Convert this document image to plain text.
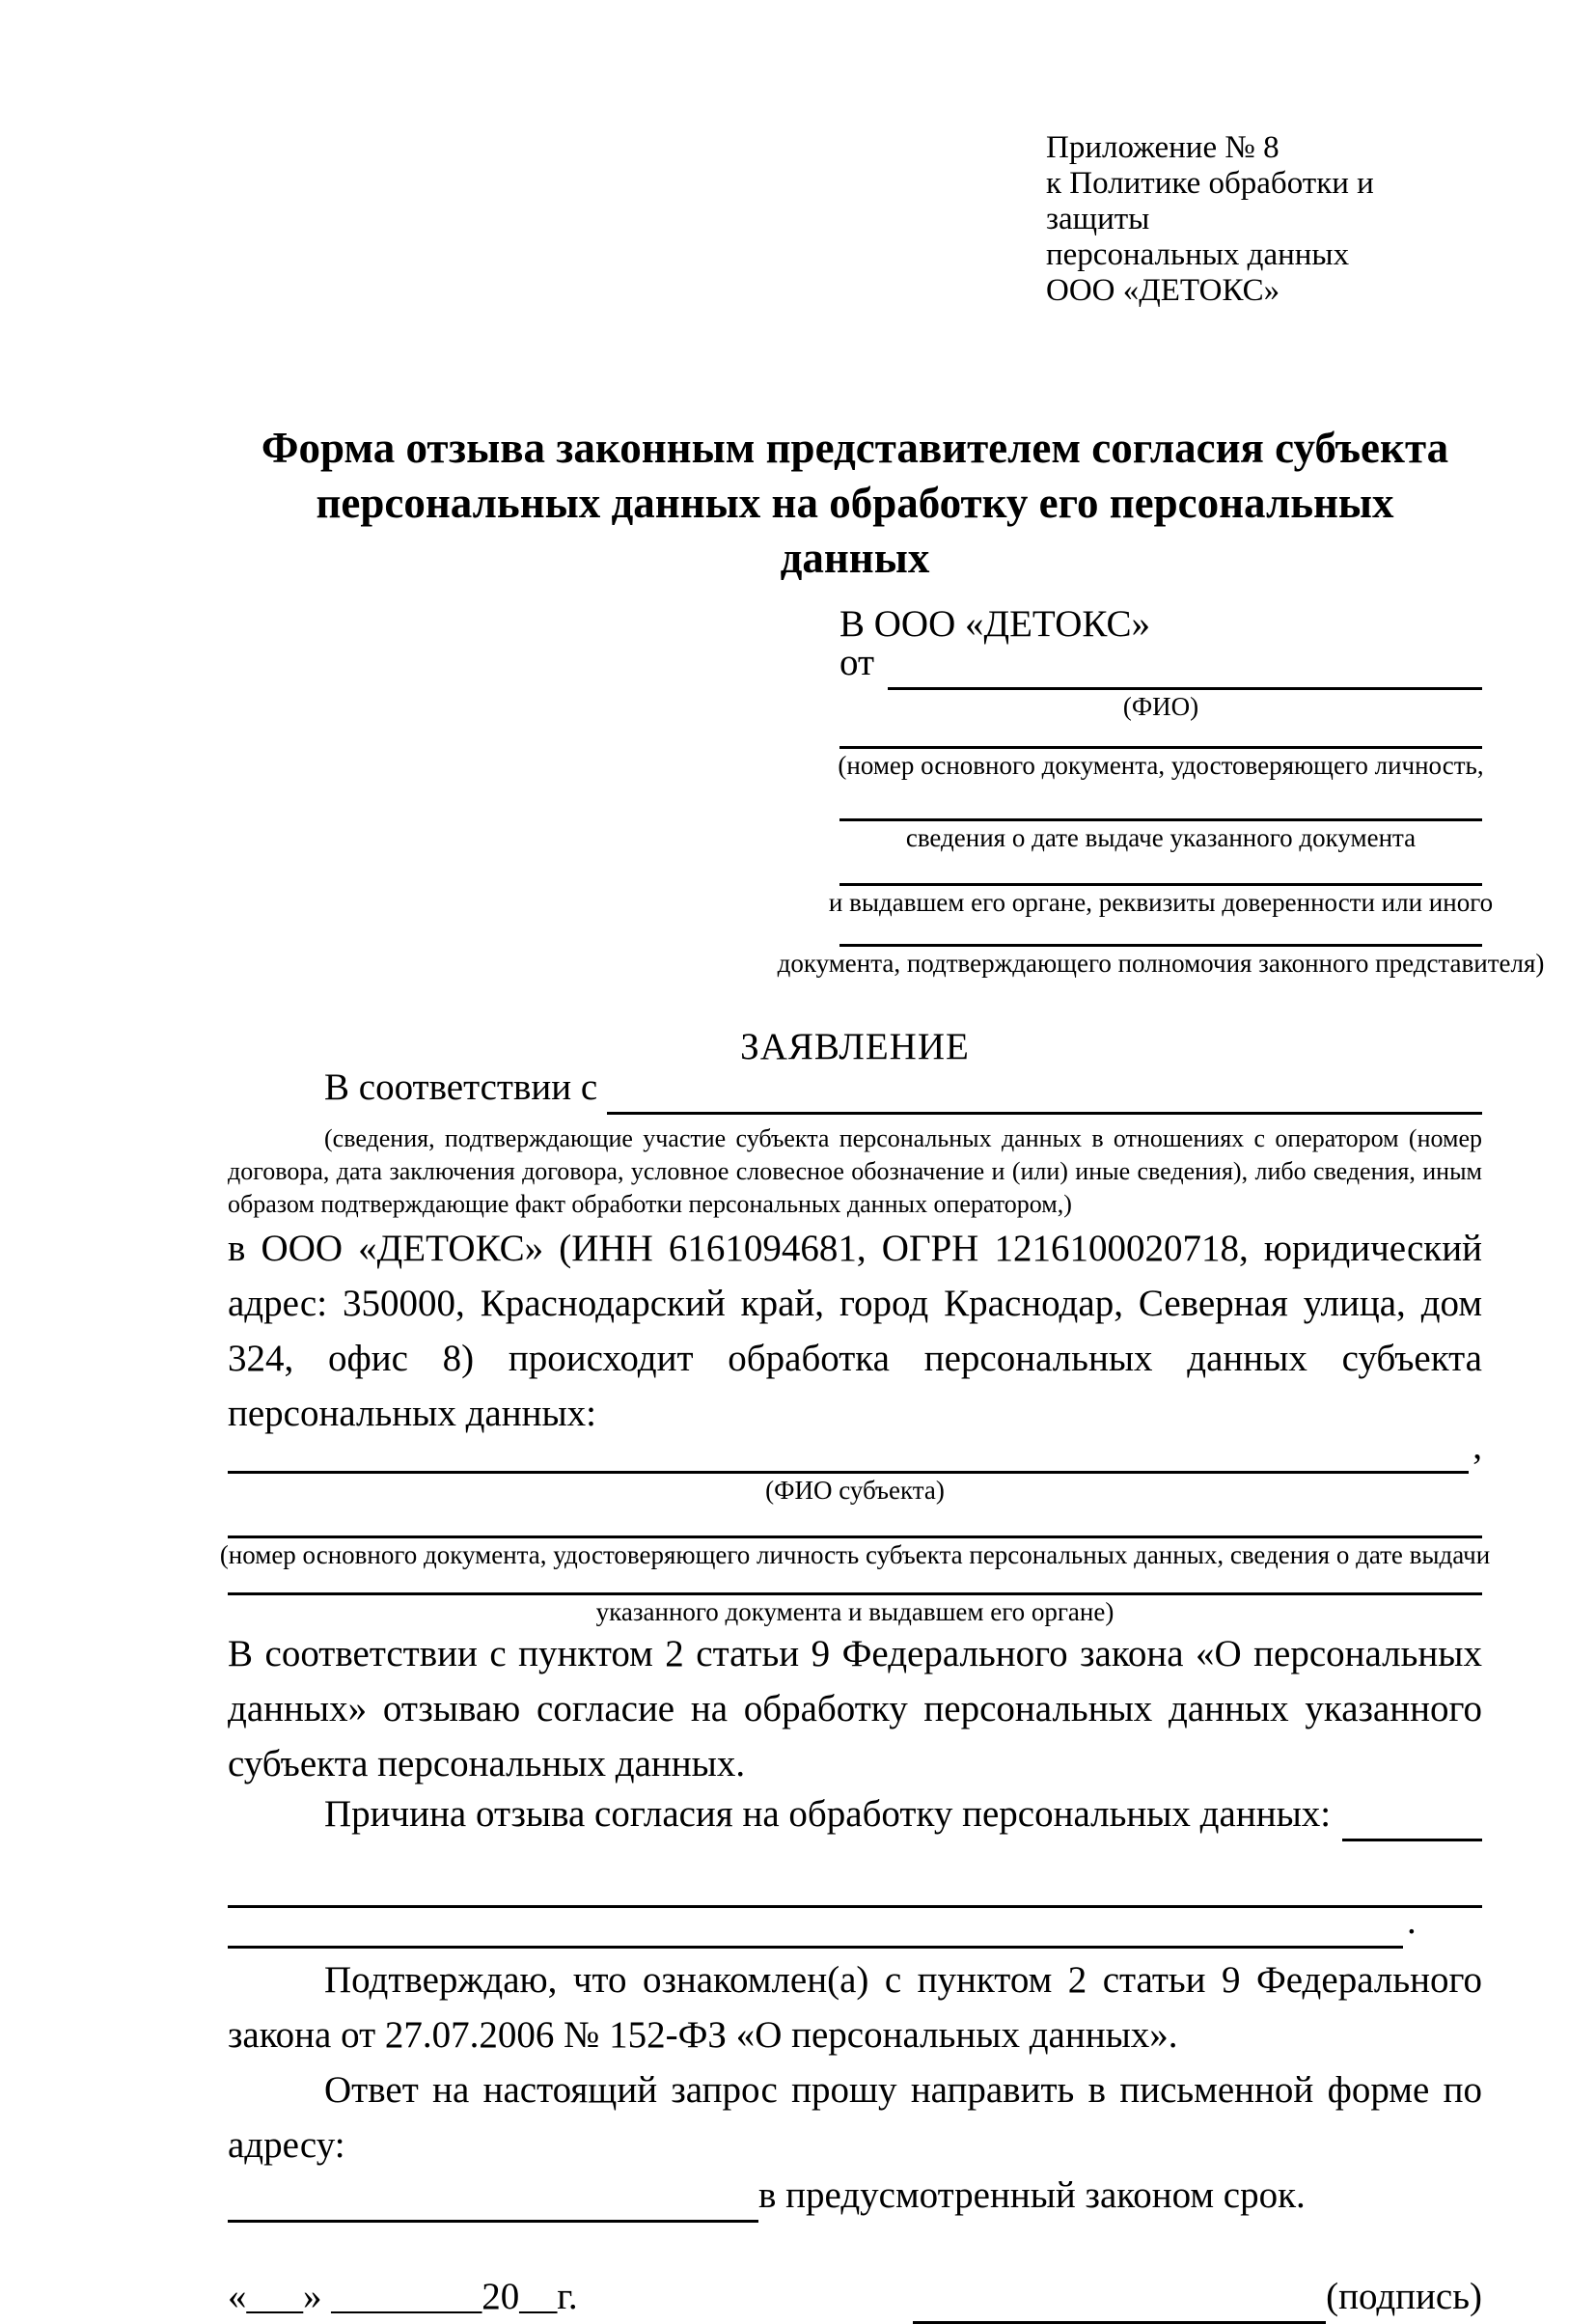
Приложение № 8
к Политике обработки и защиты
персональных данных
ООО «ДЕТОКС»
Форма отзыва законным представителем согласия субъекта персональных данных на обработку его персональных данных
В ООО «ДЕТОКС»
от
(ФИО)
(номер основного документа, удостоверяющего личность,
сведения о дате выдаче указанного документа
и выдавшем его органе, реквизиты доверенности или иного
документа, подтверждающего полномочия законного представителя)
ЗАЯВЛЕНИЕ
В соответствии с
(сведения, подтверждающие участие субъекта персональных данных в отношениях с оператором (номер договора, дата заключения договора, условное словесное обозначение и (или) иные сведения), либо сведения, иным образом подтверждающие факт обработки персональных данных оператором,)
в ООО «ДЕТОКС» (ИНН 6161094681, ОГРН 1216100020718, юридический адрес: 350000, Краснодарский край, город Краснодар, Северная улица, дом 324, офис 8) происходит обработка персональных данных субъекта персональных данных:
,
(ФИО субъекта)
(номер основного документа, удостоверяющего личность субъекта персональных данных, сведения о дате выдачи
указанного документа и выдавшем его органе)
В соответствии с пунктом 2 статьи 9 Федерального закона «О персональных данных» отзываю согласие на обработку персональных данных указанного субъекта персональных данных.
Причина отзыва согласия на обработку персональных данных:
.
Подтверждаю, что ознакомлен(а) с пунктом 2 статьи 9 Федерального закона от 27.07.2006 № 152-ФЗ «О персональных данных».
Ответ на настоящий запрос прошу направить в письменной форме по адресу:
в предусмотренный законом срок.
«___» ________20__г.	(подпись)
